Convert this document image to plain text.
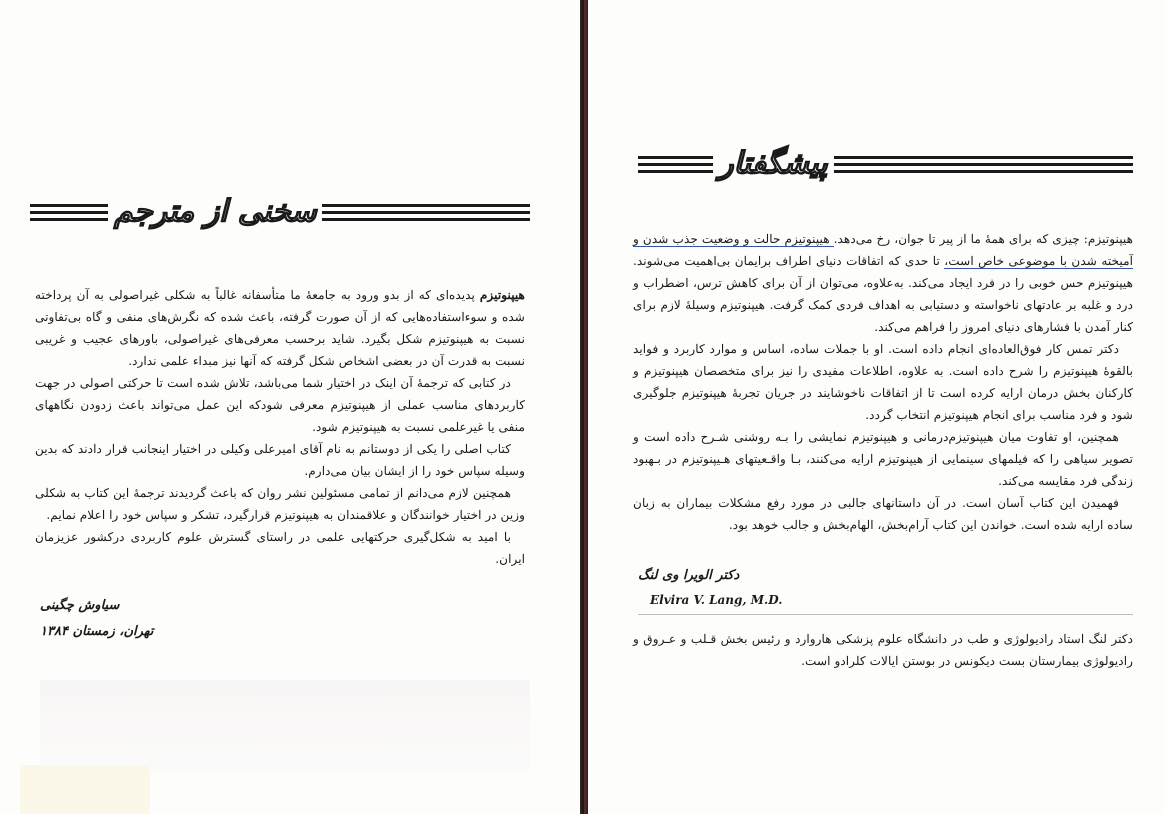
سخنی از مترجم

هیپنوتیزم پدیده‌ای که از بدو ورود به جامعهٔ ما متأسفانه غالباً به شکلی غیراصولی به آن پرداخته شده و سوءاستفاده‌هایی که از آن صورت گرفته، باعث شده که نگرش‌های منفی و گاه بی‌تفاوتی نسبت به هیپنوتیزم شکل بگیرد. شاید برحسب معرفی‌های غیراصولی، باورهای عجیب و غریبی نسبت به قدرت آن در بعضی اشخاص شکل گرفته که آنها نیز مبداء علمی ندارد.

در کتابی که ترجمهٔ آن اینک در اختیار شما می‌باشد، تلاش شده است تا حرکتی اصولی در جهت کاربردهای مناسب عملی از هیپنوتیزم معرفی شودکه این عمل می‌تواند باعث زدودن نگاههای منفی یا غیرعلمی نسبت به هیپنوتیزم شود.

کتاب اصلی را یکی از دوستانم به نام آقای امیرعلی وکیلی در اختیار اینجانب قرار دادند که بدین وسیله سپاس خود را از ایشان بیان می‌دارم.

همچنین لازم می‌دانم از تمامی مسئولین نشر روان که باعث گردیدند ترجمهٔ این کتاب به شکلی وزین در اختیار خوانندگان و علاقمندان به هیپنوتیزم قرارگیرد، تشکر و سپاس خود را اعلام نمایم.

با امید به شکل‌گیری حرکتهایی علمی در راستای گسترش علوم کاربردی درکشور عزیزمان ایران.

سیاوش چگینی
تهران، زمستان ۱۳۸۴
پیشگفتار

هیپنوتیزم: چیزی که برای همهٔ ما از پیر تا جوان، رخ می‌دهد. هیپنوتیزم حالت و وضعیت جذب شدن و آمیخته شدن با موضوعی خاص است، تا حدی که اتفاقات دنیای اطراف برایمان بی‌اهمیت می‌شوند. هیپنوتیزم حس خوبی را در فرد ایجاد می‌کند. به‌علاوه، می‌توان از آن برای کاهش ترس، اضطراب و درد و غلبه بر عادتهای ناخواسته و دستیابی به اهداف فردی کمک گرفت. هیپنوتیزم وسیلهٔ لازم برای کنار آمدن با فشارهای دنیای امروز را فراهم می‌کند.

دکتر تمس کار فوق‌العاده‌ای انجام داده است. او با جملات ساده، اساس و موارد کاربرد و فواید بالقوهٔ هیپنوتیزم را شرح داده است. به علاوه، اطلاعات مفیدی را نیز برای متخصصان هیپنوتیزم و کارکنان بخش درمان ارایه کرده است تا از اتفاقات ناخوشایند در جریان تجربهٔ هیپنوتیزم جلوگیری شود و فرد مناسب برای انجام هیپنوتیزم انتخاب گردد.

همچنین، او تفاوت میان هیپنوتیزم‌درمانی و هیپنوتیزم نمایشی را بـه روشنی شـرح داده است و تصویر سیاهی را که فیلمهای سینمایی از هیپنوتیزم ارایه می‌کنند، بـا واقـعیتهای هـیپنوتیزم در بـهبود زندگی فرد مقایسه می‌کند.

فهمیدن این کتاب آسان است. در آن داستانهای جالبی در مورد رفع مشکلات بیماران به زبان ساده ارایه شده است. خواندن این کتاب آرام‌بخش، الهام‌بخش و جالب خوهد بود.

دکتر الویرا وی لنگ
Elvira V. Lang, M.D.

دکتر لنگ استاد رادیولوژی و طب در دانشگاه علوم پزشکی هاروارد و رئیس بخش قـلب و عـروق و رادیولوژی بیمارستان بست دیکونس در بوستن ایالات کلرادو است.
